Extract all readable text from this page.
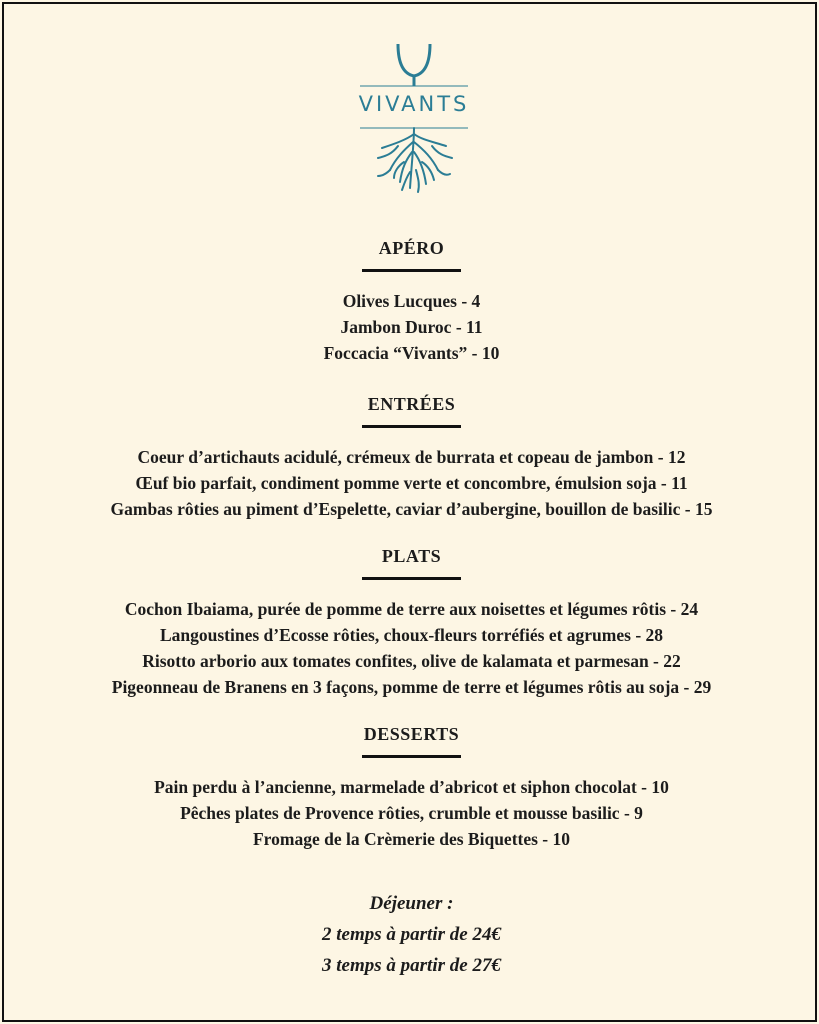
VIVANTS
APÉRO
Olives Lucques - 4
Jambon Duroc - 11
Foccacia “Vivants” - 10
ENTRÉES
Coeur d’artichauts acidulé, crémeux de burrata et copeau de jambon - 12
Œuf bio parfait, condiment pomme verte et concombre, émulsion soja - 11
Gambas rôties au piment d’Espelette, caviar d’aubergine, bouillon de basilic - 15
PLATS
Cochon Ibaiama, purée de pomme de terre aux noisettes et légumes rôtis - 24
Langoustines d’Ecosse rôties, choux-fleurs torréfiés et agrumes - 28
Risotto arborio aux tomates confites, olive de kalamata et parmesan - 22
Pigeonneau de Branens en 3 façons, pomme de terre et légumes rôtis au soja - 29
DESSERTS
Pain perdu à l’ancienne, marmelade d’abricot et siphon chocolat - 10
Pêches plates de Provence rôties, crumble et mousse basilic - 9
Fromage de la Crèmerie des Biquettes - 10
Déjeuner :
2 temps à partir de 24€
3 temps à partir de 27€
